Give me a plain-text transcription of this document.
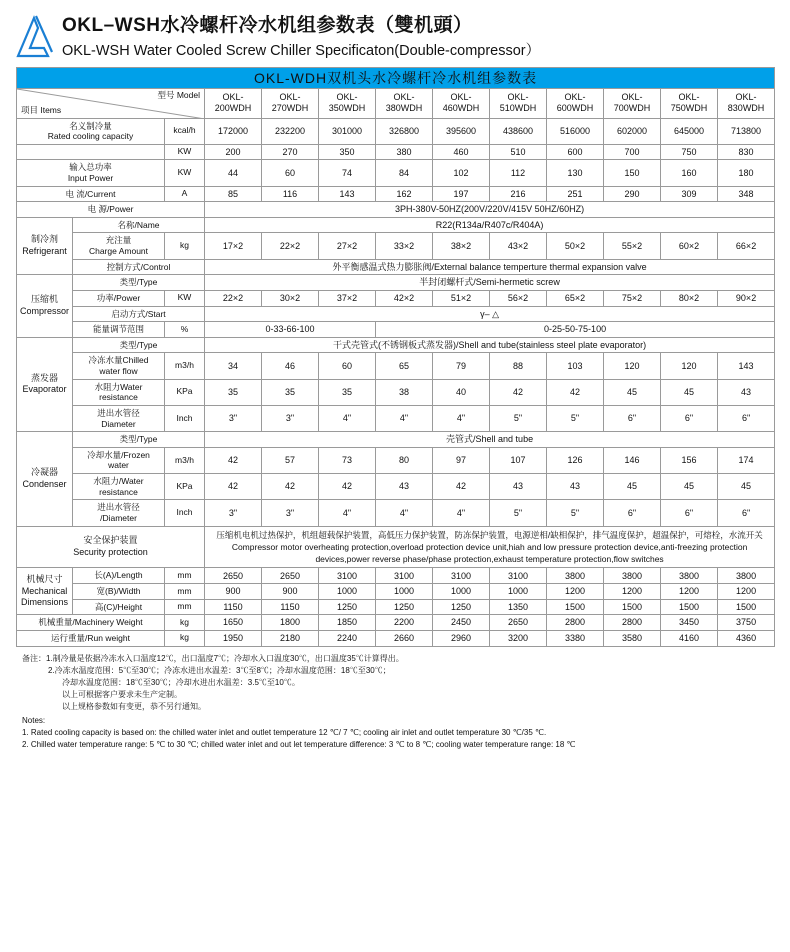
OKL–WSH水冷螺杆冷水机组参数表（雙机頭）
OKL-WSH Water Cooled Screw Chiller Specificaton(Double-compressor）
OKL-WDH双机头水冷螺杆冷水机组参数表												

项目 Items
型号 Model			OKL-200WDH	OKL-270WDH	OKL-350WDH	OKL-380WDH	OKL-460WDH	OKL-510WDH	OKL-600WDH	OKL-700WDH	OKL-750WDH	OKL-830WDH

名义制冷量
Rated cooling capacity		kcal/h	172000	232200	301000	326800	395600	438600	516000	602000	645000	713800
		KW	200	270	350	380	460	510	600	700	750	830

输入总功率
Input Power		KW	44	60	74	84	102	112	130	150	160	180
电 流/Current		A	85	116	143	162	197	216	251	290	309	348
电 源/Power			3PH-380V-50HZ(200V/220V/415V 50HZ/60HZ)									

制冷剂
Refrigerant	名称/Name		R22(R134a/R407c/R404A)									

	充注量
Charge Amount	kg	17×2	22×2	27×2	33×2	38×2	43×2	50×2	55×2	60×2	66×2
	控制方式/Control		外平衡感温式热力膨胀阀/External balance temperture thermal expansion valve									

压缩机
Compressor	类型/Type		半封闭螺杆式/Semi-hermetic screw									
	功率/Power	KW	22×2	30×2	37×2	42×2	51×2	56×2	65×2	75×2	80×2	90×2
	启动方式/Start		γ– △									
	能量调节范围	%	0-33-66-100			0-25-50-75-100						

蒸发器
Evaporator	类型/Type		干式壳管式(不锈钢板式蒸发器)/Shell and tube(stainless steel plate evaporator)									

	冷冻水量Chilled
water flow	m3/h	34	46	60	65	79	88	103	120	120	143

	水阻力Water
resistance	KPa	35	35	35	38	40	42	42	45	45	43

	进出水管径
Diameter	Inch	3"	3"	4"	4"	4"	5"	5"	6"	6"	6"

冷凝器
Condenser	类型/Type		壳管式/Shell and tube									

	冷却水量/Frozen
water	m3/h	42	57	73	80	97	107	126	146	156	174

	水阻力/Water
resistance	KPa	42	42	42	43	42	43	43	45	45	45

	进出水管径
/Diameter	Inch	3"	3"	4"	4"	4"	5"	5"	6"	6"	6"

安全保护装置
Security protection

压缩机电机过热保护，机组超载保护装置，高低压力保护装置，防冻保护装置，电源逆相/缺相保护，排气温度保护，超温保护，可熔栓，水流开关
Compressor motor overheating protection,overload protection device unit,hiah and low pressure protection device,anti-freezing protection devices,power reverse phase/phase protection,exhaust temperature protection,flow switches

机械尺寸
Mechanical
Dimensions	长(A)/Length	mm	2650	2650	3100	3100	3100	3100	3800	3800	3800	3800
	宽(B)/Width	mm	900	900	1000	1000	1000	1000	1200	1200	1200	1200
	高(C)/Height	mm	1150	1150	1250	1250	1250	1350	1500	1500	1500	1500
机械重量/Machinery Weight		kg	1650	1800	1850	2200	2450	2650	2800	2800	3450	3750
运行重量/Run weight		kg	1950	2180	2240	2660	2960	3200	3380	3580	4160	4360
备注：1.制冷量是依据冷冻水入口温度12℃，出口温度7℃；冷却水入口温度30℃，出口温度35℃计算得出。
2.冷冻水温度范围：5℃至30℃；冷冻水进出水温差：3℃至8℃；冷却水温度范围：18℃至30℃；
冷却水温度范围：18℃至30℃；冷却水进出水温差：3.5℃至10℃。
以上可根据客户要求未生产定制。
以上规格参数如有变更，恭不另行通知。
Notes:
1. Rated cooling capacity is based on: the chilled water inlet and outlet temperature 12 ℃/ 7 ℃; cooling air inlet and outlet temperature 30 ℃/35 ℃.
2. Chilled water temperature range: 5 ℃ to 30 ℃; chilled water inlet and out let temperature difference: 3 ℃ to 8 ℃; cooling water temperature range: 18 ℃
